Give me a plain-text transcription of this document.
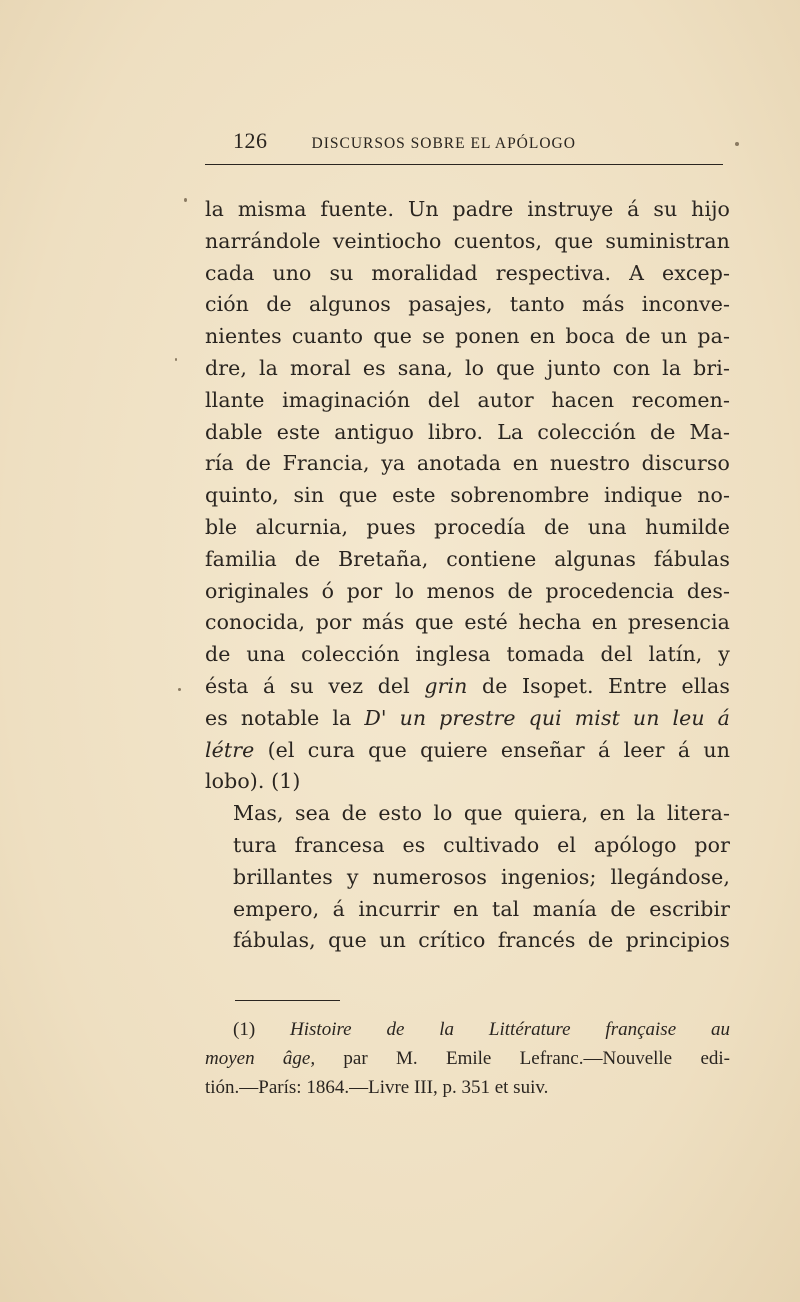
126	DISCURSOS SOBRE EL APÓLOGO

la misma fuente. Un padre instruye á su hijo
narrándole veintiocho cuentos, que suministran
cada uno su moralidad respectiva. A excep-
ción de algunos pasajes, tanto más inconve-
nientes cuanto que se ponen en boca de un pa-
dre, la moral es sana, lo que junto con la bri-
llante imaginación del autor hacen recomen-
dable este antiguo libro. La colección de Ma-
ría de Francia, ya anotada en nuestro discurso
quinto, sin que este sobrenombre indique no-
ble alcurnia, pues procedía de una humilde
familia de Bretaña, contiene algunas fábulas
originales ó por lo menos de procedencia des-
conocida, por más que esté hecha en presencia
de una colección inglesa tomada del latín, y
ésta á su vez del grin de Isopet. Entre ellas
es notable la D' un prestre qui mist un leu á
létre (el cura que quiere enseñar á leer á un
lobo). (1)

Mas, sea de esto lo que quiera, en la litera-
tura francesa es cultivado el apólogo por
brillantes y numerosos ingenios; llegándose,
empero, á incurrir en tal manía de escribir
fábulas, que un crítico francés de principios

(1) Histoire de la Littérature française au
moyen âge, par M. Emile Lefranc.—Nouvelle edi-
tión.—París: 1864.—Livre III, p. 351 et suiv.
